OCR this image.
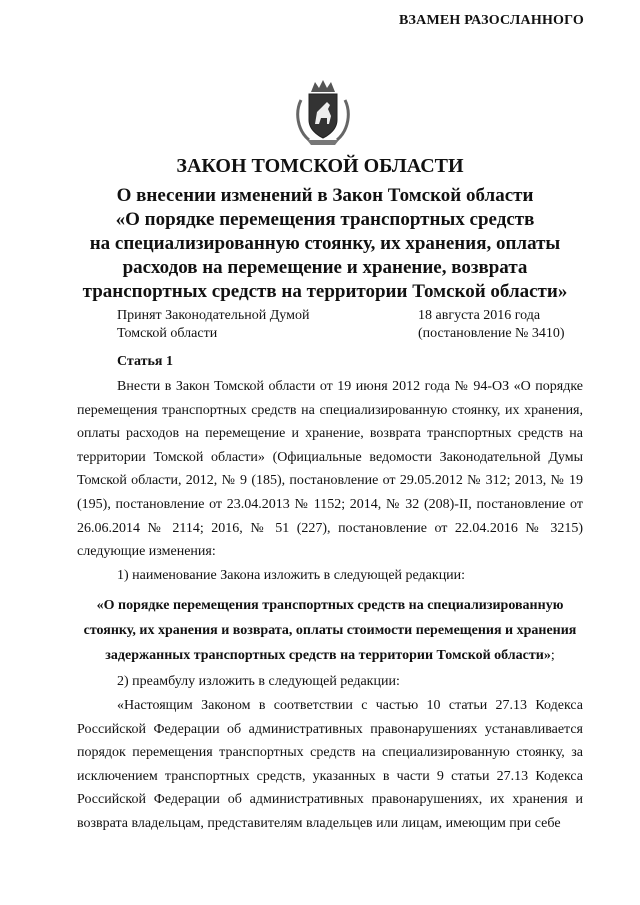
ВЗАМЕН РАЗОСЛАННОГО
ЗАКОН ТОМСКОЙ ОБЛАСТИ
О внесении изменений в Закон Томской области
«О порядке перемещения транспортных средств
на специализированную стоянку, их хранения, оплаты
расходов на перемещение и хранение, возврата
транспортных средств на территории Томской области»
Принят Законодательной Думой
Томской области
18 августа 2016 года
(постановление № 3410)
Статья 1

Внести в Закон Томской области от 19 июня 2012 года № 94-ОЗ «О порядке перемещения транспортных средств на специализированную стоянку, их хранения, оплаты расходов на перемещение и хранение, возврата транспортных средств на территории Томской области» (Официальные ведомости Законодательной Думы Томской области, 2012, № 9 (185), постановление от 29.05.2012 № 312; 2013, № 19 (195), постановление от 23.04.2013 № 1152; 2014, № 32 (208)-II, постановление от 26.06.2014 № 2114; 2016, № 51 (227), постановление от 22.04.2016 № 3215) следующие изменения:

1) наименование Закона изложить в следующей редакции:

«О порядке перемещения транспортных средств на специализированную стоянку, их хранения и возврата, оплаты стоимости перемещения и хранения задержанных транспортных средств на территории Томской области»;

2) преамбулу изложить в следующей редакции:

«Настоящим Законом в соответствии с частью 10 статьи 27.13 Кодекса Российской Федерации об административных правонарушениях устанавливается порядок перемещения транспортных средств на специализированную стоянку, за исключением транспортных средств, указанных в части 9 статьи 27.13 Кодекса Российской Федерации об административных правонарушениях, их хранения и возврата владельцам, представителям владельцев или лицам, имеющим при себе
